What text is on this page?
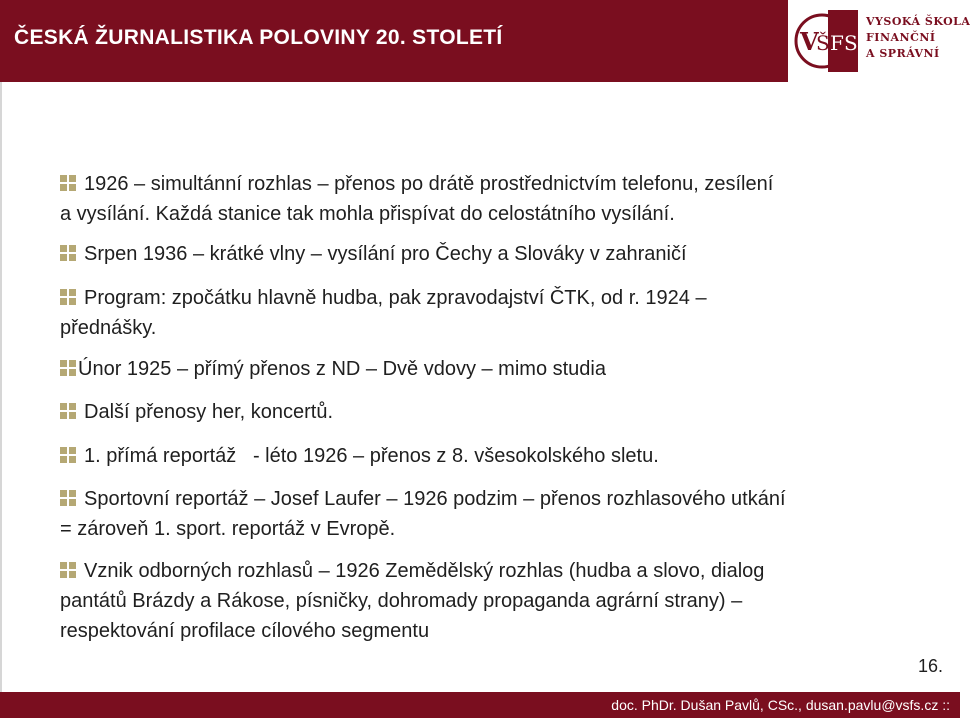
ČESKÁ ŽURNALISTIKA POLOVINY 20. STOLETÍ	V
Š F S
VYSOKÁ ŠKOLA
FINANČNÍ
A SPRÁVNÍ
1926 – simultánní rozhlas – přenos po drátě prostřednictvím telefonu, zesílení
a vysílání. Každá stanice tak mohla přispívat do celostátního vysílání.
Srpen 1936 – krátké vlny – vysílání pro Čechy a Slováky v zahraničí
Program: zpočátku hlavně hudba, pak zpravodajství ČTK, od r. 1924 –
přednášky.
Únor 1925 – přímý přenos z ND – Dvě vdovy – mimo studia
Další přenosy her, koncertů.
1. přímá reportáž   - léto 1926 – přenos z 8. všesokolského sletu.
Sportovní reportáž – Josef Laufer – 1926 podzim – přenos rozhlasového utkání
= zároveň 1. sport. reportáž v Evropě.
Vznik odborných rozhlasů – 1926 Zemědělský rozhlas (hudba a slovo, dialog
pantátů Brázdy a Rákose, písničky, dohromady propaganda agrární strany) –
respektování profilace cílového segmentu
16.
doc. PhDr. Dušan Pavlů, CSc., dusan.pavlu@vsfs.cz ::
